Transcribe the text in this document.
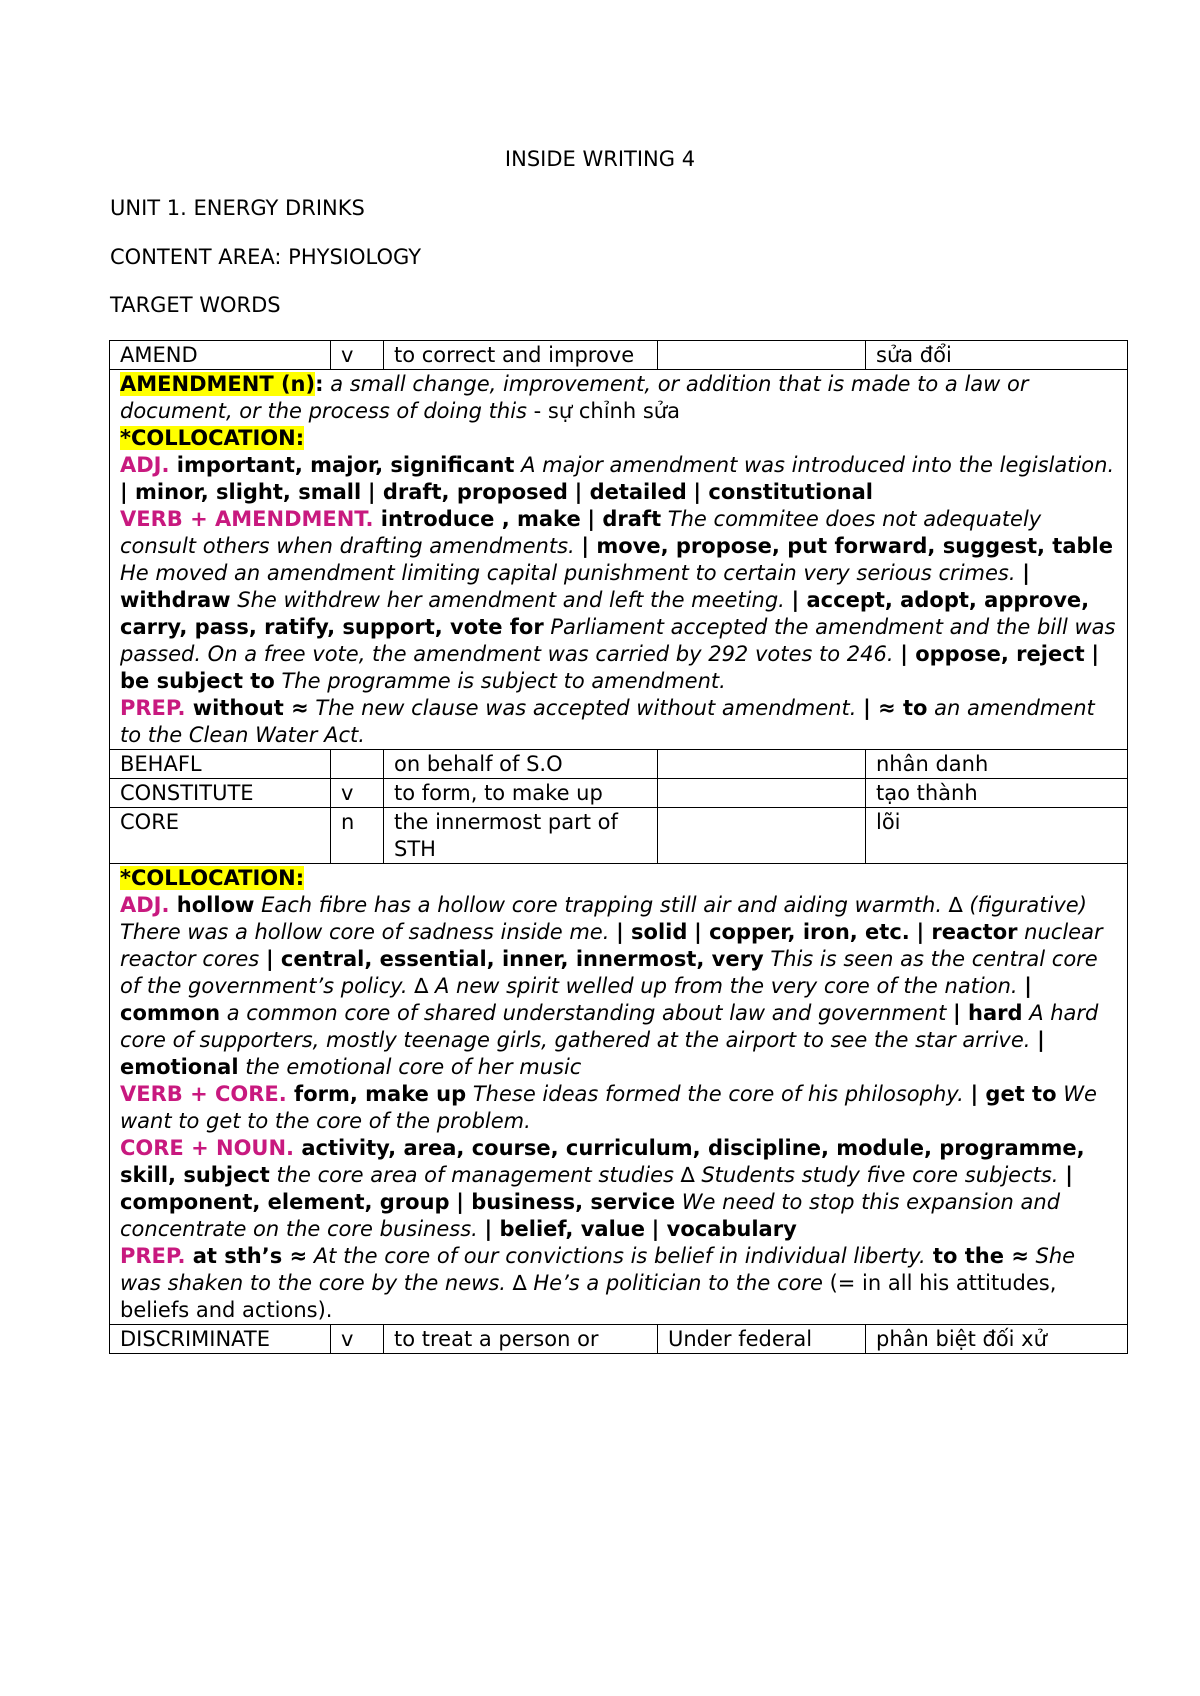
INSIDE WRITING 4
UNIT 1. ENERGY DRINKS
CONTENT AREA: PHYSIOLOGY
TARGET WORDS
AMEND	v	to correct and improve		sửa đổi
AMENDMENT (n): a small change, improvement, or addition that is made to a law or document, or the process of doing this - sự chỉnh sửa
*COLLOCATION:
ADJ. important, major, significant A major amendment was introduced into the legislation. | minor, slight, small | draft, proposed | detailed | constitutional
VERB + AMENDMENT. introduce , make | draft The commitee does not adequately consult others when drafting amendments. | move, propose, put forward, suggest, table He moved an amendment limiting capital punishment to certain very serious crimes. | withdraw She withdrew her amendment and left the meeting. | accept, adopt, approve, carry, pass, ratify, support, vote for Parliament accepted the amendment and the bill was passed. On a free vote, the amendment was carried by 292 votes to 246. | oppose, reject | be subject to The programme is subject to amendment.
PREP. without ≈ The new clause was accepted without amendment. | ≈ to an amendment to the Clean Water Act.				
BEHAFL		on behalf of S.O		nhân danh
CONSTITUTE	v	to form, to make up		tạo thành
CORE	n	the innermost part of STH		lõi
*COLLOCATION:
ADJ. hollow Each fibre has a hollow core trapping still air and aiding warmth. ∆ (figurative) There was a hollow core of sadness inside me. | solid | copper, iron, etc. | reactor nuclear reactor cores | central, essential, inner, innermost, very This is seen as the central core of the government’s policy. ∆ A new spirit welled up from the very core of the nation. | common a common core of shared understanding about law and government | hard A hard core of supporters, mostly teenage girls, gathered at the airport to see the star arrive. | emotional the emotional core of her music
VERB + CORE. form, make up These ideas formed the core of his philosophy. | get to We want to get to the core of the problem.
CORE + NOUN. activity, area, course, curriculum, discipline, module, programme, skill, subject the core area of management studies ∆ Students study five core subjects. | component, element, group | business, service We need to stop this expansion and concentrate on the core business. | belief, value | vocabulary
PREP. at sth’s ≈ At the core of our convictions is belief in individual liberty. to the ≈ She was shaken to the core by the news. ∆ He’s a politician to the core (= in all his attitudes, beliefs and actions).				
DISCRIMINATE	v	to treat a person or	Under federal	phân biệt đối xử
